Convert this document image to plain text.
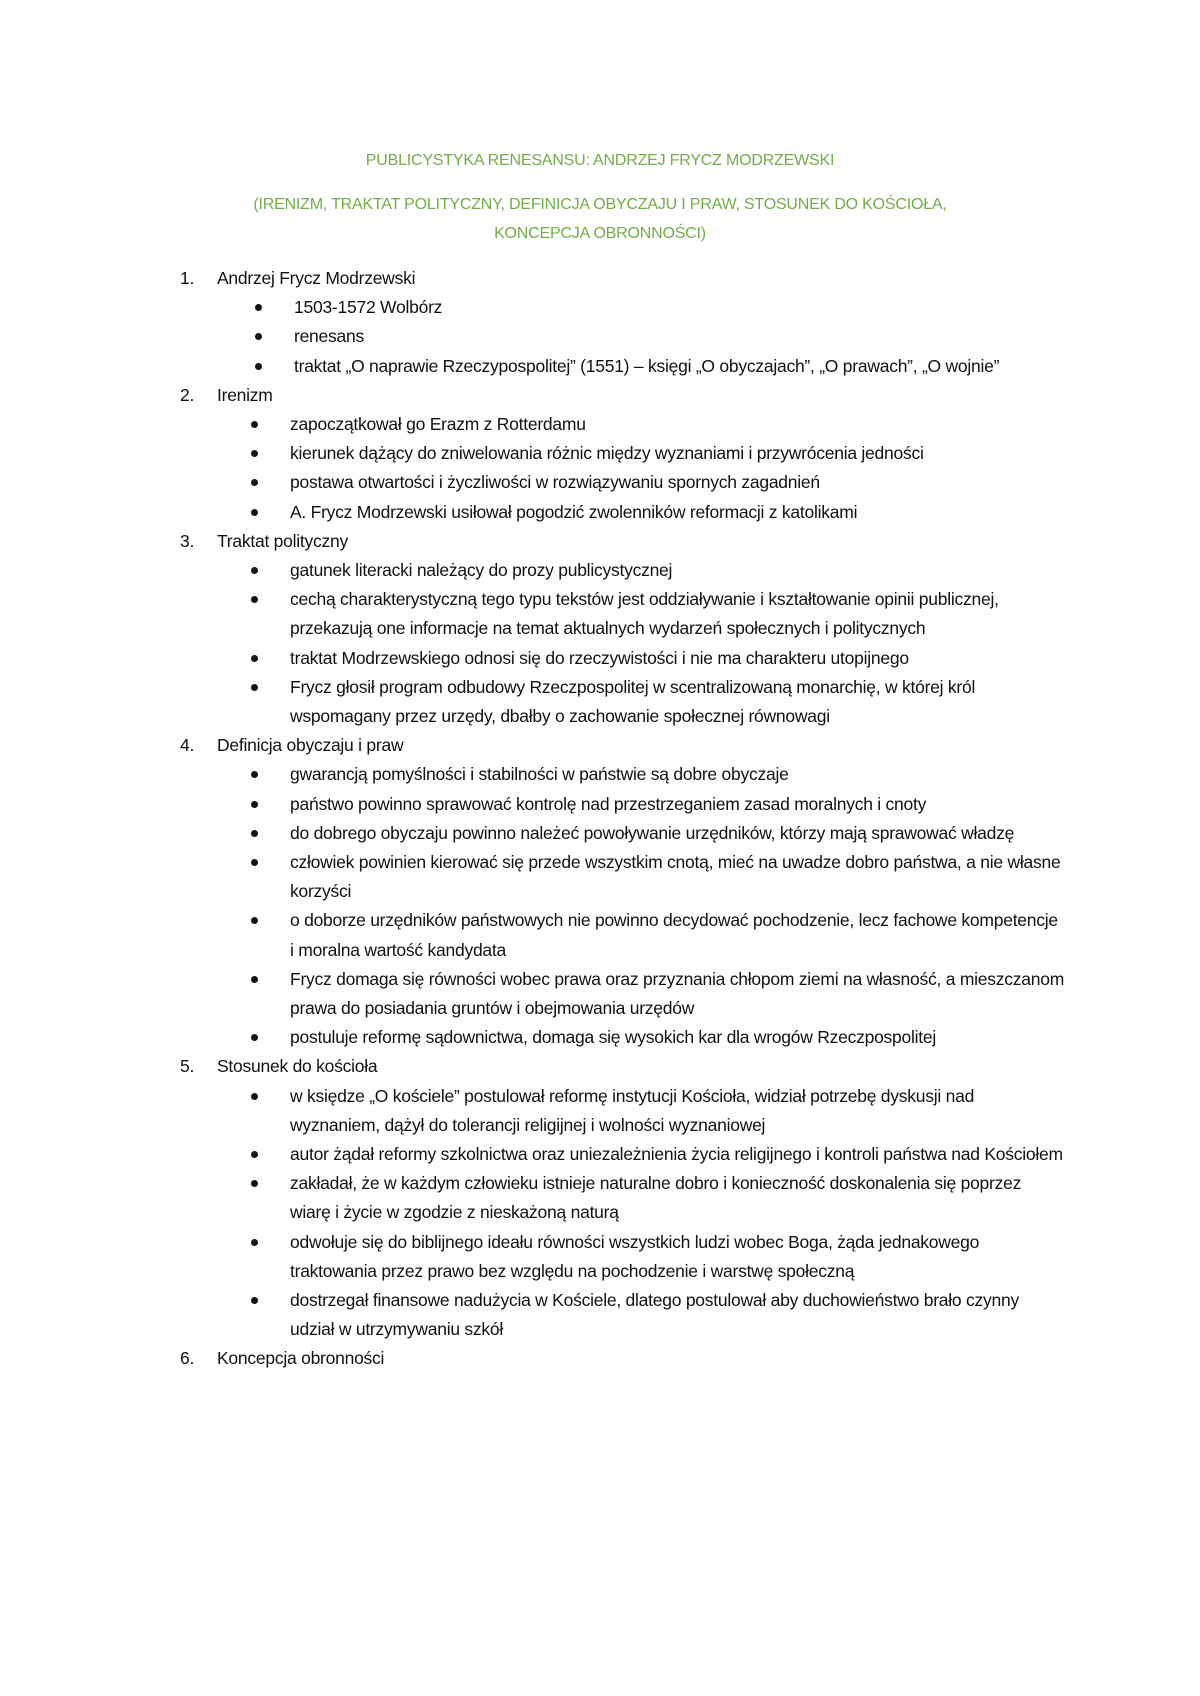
PUBLICYSTYKA RENESANSU: ANDRZEJ FRYCZ MODRZEWSKI
(IRENIZM, TRAKTAT POLITYCZNY, DEFINICJA OBYCZAJU I PRAW, STOSUNEK DO KOŚCIOŁA,
KONCEPCJA OBRONNOŚCI)
1.	Andrzej Frycz Modrzewski
1503-1572 Wolbórz
renesans
traktat „O naprawie Rzeczypospolitej” (1551) – księgi „O obyczajach”, „O prawach”, „O wojnie”
2.	Irenizm
zapoczątkował go Erazm z Rotterdamu
kierunek dążący do zniwelowania różnic między wyznaniami i przywrócenia jedności
postawa otwartości i życzliwości w rozwiązywaniu spornych zagadnień
A. Frycz Modrzewski usiłował pogodzić zwolenników reformacji z katolikami
3.	Traktat polityczny
gatunek literacki należący do prozy publicystycznej
cechą charakterystyczną tego typu tekstów jest oddziaływanie i kształtowanie opinii publicznej, przekazują one informacje na temat aktualnych wydarzeń społecznych i politycznych
traktat Modrzewskiego odnosi się do rzeczywistości i nie ma charakteru utopijnego
Frycz głosił program odbudowy Rzeczpospolitej w scentralizowaną monarchię, w której król wspomagany przez urzędy, dbałby o zachowanie społecznej równowagi
4.	Definicja obyczaju i praw
gwarancją pomyślności i stabilności w państwie są dobre obyczaje
państwo powinno sprawować kontrolę nad przestrzeganiem zasad moralnych i cnoty
do dobrego obyczaju powinno należeć powoływanie urzędników, którzy mają sprawować władzę
człowiek powinien kierować się przede wszystkim cnotą, mieć na uwadze dobro państwa, a nie własne korzyści
o doborze urzędników państwowych nie powinno decydować pochodzenie, lecz fachowe kompetencje i moralna wartość kandydata
Frycz domaga się równości wobec prawa oraz przyznania chłopom ziemi na własność, a mieszczanom prawa do posiadania gruntów i obejmowania urzędów
postuluje reformę sądownictwa, domaga się wysokich kar dla wrogów Rzeczpospolitej
5.	Stosunek do kościoła
w księdze „O kościele” postulował reformę instytucji Kościoła, widział potrzebę dyskusji nad wyznaniem, dążył do tolerancji religijnej i wolności wyznaniowej
autor żądał reformy szkolnictwa oraz uniezależnienia życia religijnego i kontroli państwa nad Kościołem
zakładał, że w każdym człowieku istnieje naturalne dobro i konieczność doskonalenia się poprzez wiarę i życie w zgodzie z nieskażoną naturą
odwołuje się do biblijnego ideału równości wszystkich ludzi wobec Boga, żąda jednakowego traktowania przez prawo bez względu na pochodzenie i warstwę społeczną
dostrzegał finansowe nadużycia w Kościele, dlatego postulował aby duchowieństwo brało czynny udział w utrzymywaniu szkół
6.	Koncepcja obronności
